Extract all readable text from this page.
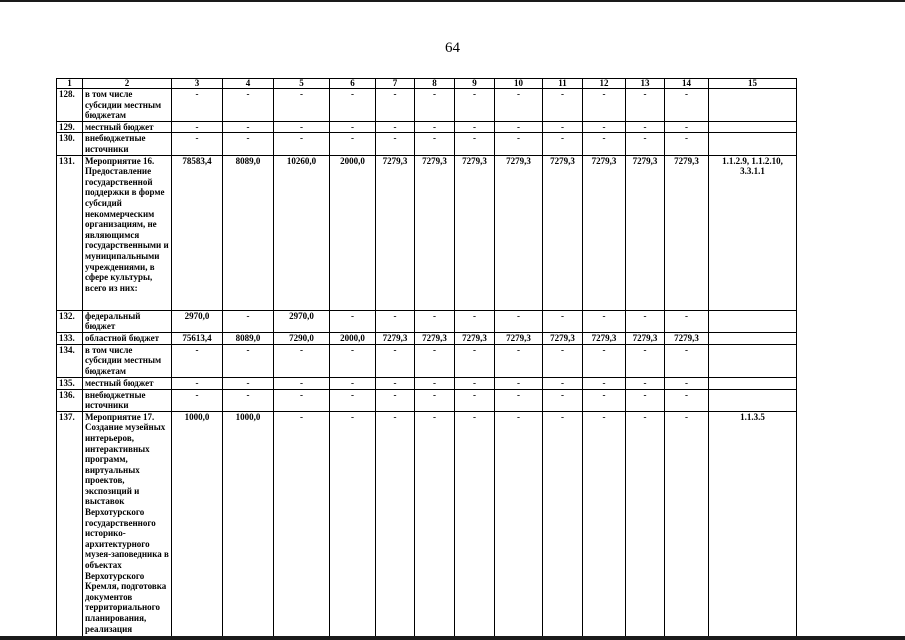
64
1	2	3	4	5	6	7	8	9	10	11	12	13	14	15
128.	в том числе субсидии местным бюджетам	-	-	-	-	-	-	-	-	-	-	-	-	
129.	местный бюджет	-	-	-	-	-	-	-	-	-	-	-	-	
130.	внебюджетные источники	-	-	-	-	-	-	-	-	-	-	-	-	
131.	Мероприятие 16. Предоставление государственной поддержки в форме субсидий некоммерческим организациям, не являющимся государственными и муниципальными учреждениями, в сфере культуры, всего из них:	78583,4	8089,0	10260,0	2000,0	7279,3	7279,3	7279,3	7279,3	7279,3	7279,3	7279,3	7279,3	1.1.2.9, 1.1.2.10, 3.3.1.1
132.	федеральный бюджет	2970,0	-	2970,0	-	-	-	-	-	-	-	-	-	
133.	областной бюджет	75613,4	8089,0	7290,0	2000,0	7279,3	7279,3	7279,3	7279,3	7279,3	7279,3	7279,3	7279,3	
134.	в том числе субсидии местным бюджетам	-	-	-	-	-	-	-	-	-	-	-	-	
135.	местный бюджет	-	-	-	-	-	-	-	-	-	-	-	-	
136.	внебюджетные источники	-	-	-	-	-	-	-	-	-	-	-	-	
137.	Мероприятие 17. Создание музейных интерьеров, интерактивных программ, виртуальных проектов, экспозиций и выставок Верхотурского государственного историко-архитектурного музея-заповедника в объектах Верхотурского Кремля, подготовка документов территориального планирования, реализация	1000,0	1000,0	-	-	-	-	-	-	-	-	-	-	1.1.3.5
